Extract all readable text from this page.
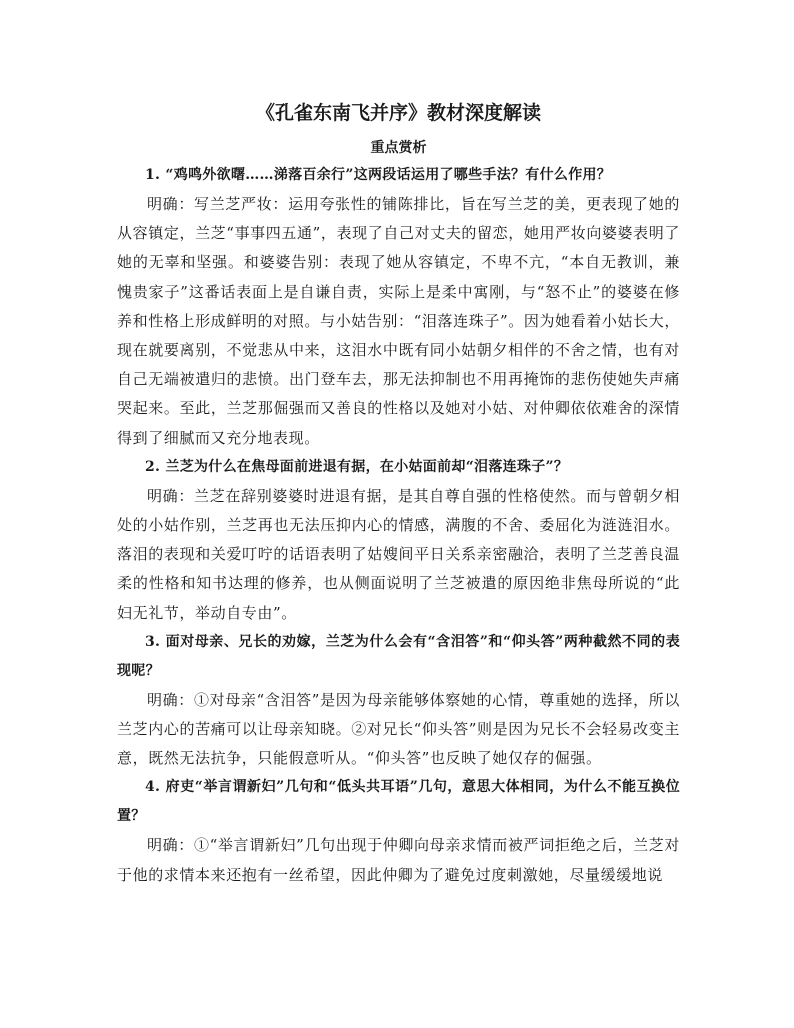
《孔雀东南飞并序》教材深度解读
重点赏析

1. “鸡鸣外欲曙……涕落百余行”这两段话运用了哪些手法？有什么作用？

明确：写兰芝严妆：运用夸张性的铺陈排比，旨在写兰芝的美，更表现了她的从容镇定，兰芝“事事四五通”，表现了自己对丈夫的留恋，她用严妆向婆婆表明了她的无辜和坚强。和婆婆告别：表现了她从容镇定，不卑不亢，“本自无教训，兼愧贵家子”这番话表面上是自谦自责，实际上是柔中寓刚，与“怒不止”的婆婆在修养和性格上形成鲜明的对照。与小姑告别：“泪落连珠子”。因为她看着小姑长大，现在就要离别，不觉悲从中来，这泪水中既有同小姑朝夕相伴的不舍之情，也有对自己无端被遣归的悲愤。出门登车去，那无法抑制也不用再掩饰的悲伤使她失声痛哭起来。至此，兰芝那倔强而又善良的性格以及她对小姑、对仲卿依依难舍的深情得到了细腻而又充分地表现。

2. 兰芝为什么在焦母面前进退有据，在小姑面前却“泪落连珠子”？

明确：兰芝在辞别婆婆时进退有据，是其自尊自强的性格使然。而与曾朝夕相处的小姑作别，兰芝再也无法压抑内心的情感，满腹的不舍、委屈化为涟涟泪水。落泪的表现和关爱叮咛的话语表明了姑嫂间平日关系亲密融洽，表明了兰芝善良温柔的性格和知书达理的修养，也从侧面说明了兰芝被遣的原因绝非焦母所说的“此妇无礼节，举动自专由”。

3. 面对母亲、兄长的劝嫁，兰芝为什么会有“含泪答”和“仰头答”两种截然不同的表现呢？

明确：①对母亲“含泪答”是因为母亲能够体察她的心情，尊重她的选择，所以兰芝内心的苦痛可以让母亲知晓。②对兄长“仰头答”则是因为兄长不会轻易改变主意，既然无法抗争，只能假意听从。“仰头答”也反映了她仅存的倔强。

4. 府吏“举言谓新妇”几句和“低头共耳语”几句，意思大体相同，为什么不能互换位置？

明确：①“举言谓新妇”几句出现于仲卿向母亲求情而被严词拒绝之后，兰芝对于他的求情本来还抱有一丝希望，因此仲卿为了避免过度刺激她，尽量缓缓地说
